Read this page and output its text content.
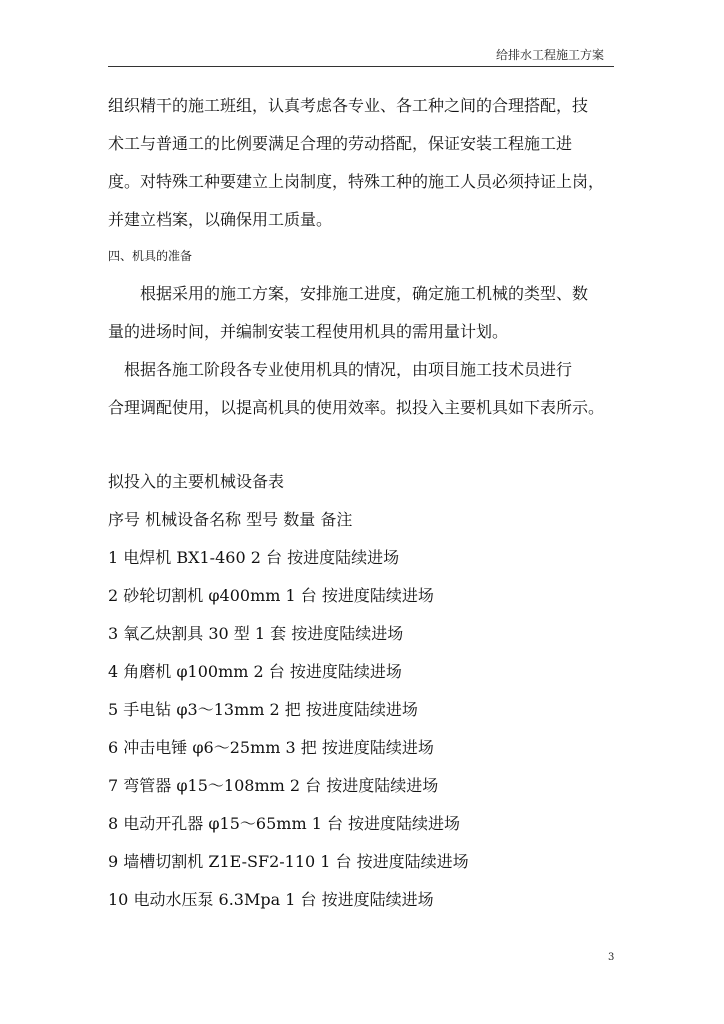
给排水工程施工方案
组织精干的施工班组，认真考虑各专业、各工种之间的合理搭配，技
术工与普通工的比例要满足合理的劳动搭配，保证安装工程施工进
度。对特殊工种要建立上岗制度，特殊工种的施工人员必须持证上岗，
并建立档案，以确保用工质量。
四、机具的准备
根据采用的施工方案，安排施工进度，确定施工机械的类型、数
量的进场时间，并编制安装工程使用机具的需用量计划。
根据各施工阶段各专业使用机具的情况，由项目施工技术员进行
合理调配使用，以提高机具的使用效率。拟投入主要机具如下表所示。
拟投入的主要机械设备表
序号 机械设备名称 型号 数量 备注
1 电焊机 BX1-460 2 台 按进度陆续进场
2 砂轮切割机 φ400mm 1 台 按进度陆续进场
3 氧乙炔割具 30 型 1 套 按进度陆续进场
4 角磨机 φ100mm 2 台 按进度陆续进场
5 手电钻 φ3～13mm 2 把 按进度陆续进场
6 冲击电锤 φ6～25mm 3 把 按进度陆续进场
7 弯管器 φ15～108mm 2 台 按进度陆续进场
8 电动开孔器 φ15～65mm 1 台 按进度陆续进场
9 墙槽切割机 Z1E-SF2-110 1 台 按进度陆续进场
10 电动水压泵 6.3Mpa 1 台 按进度陆续进场
3
